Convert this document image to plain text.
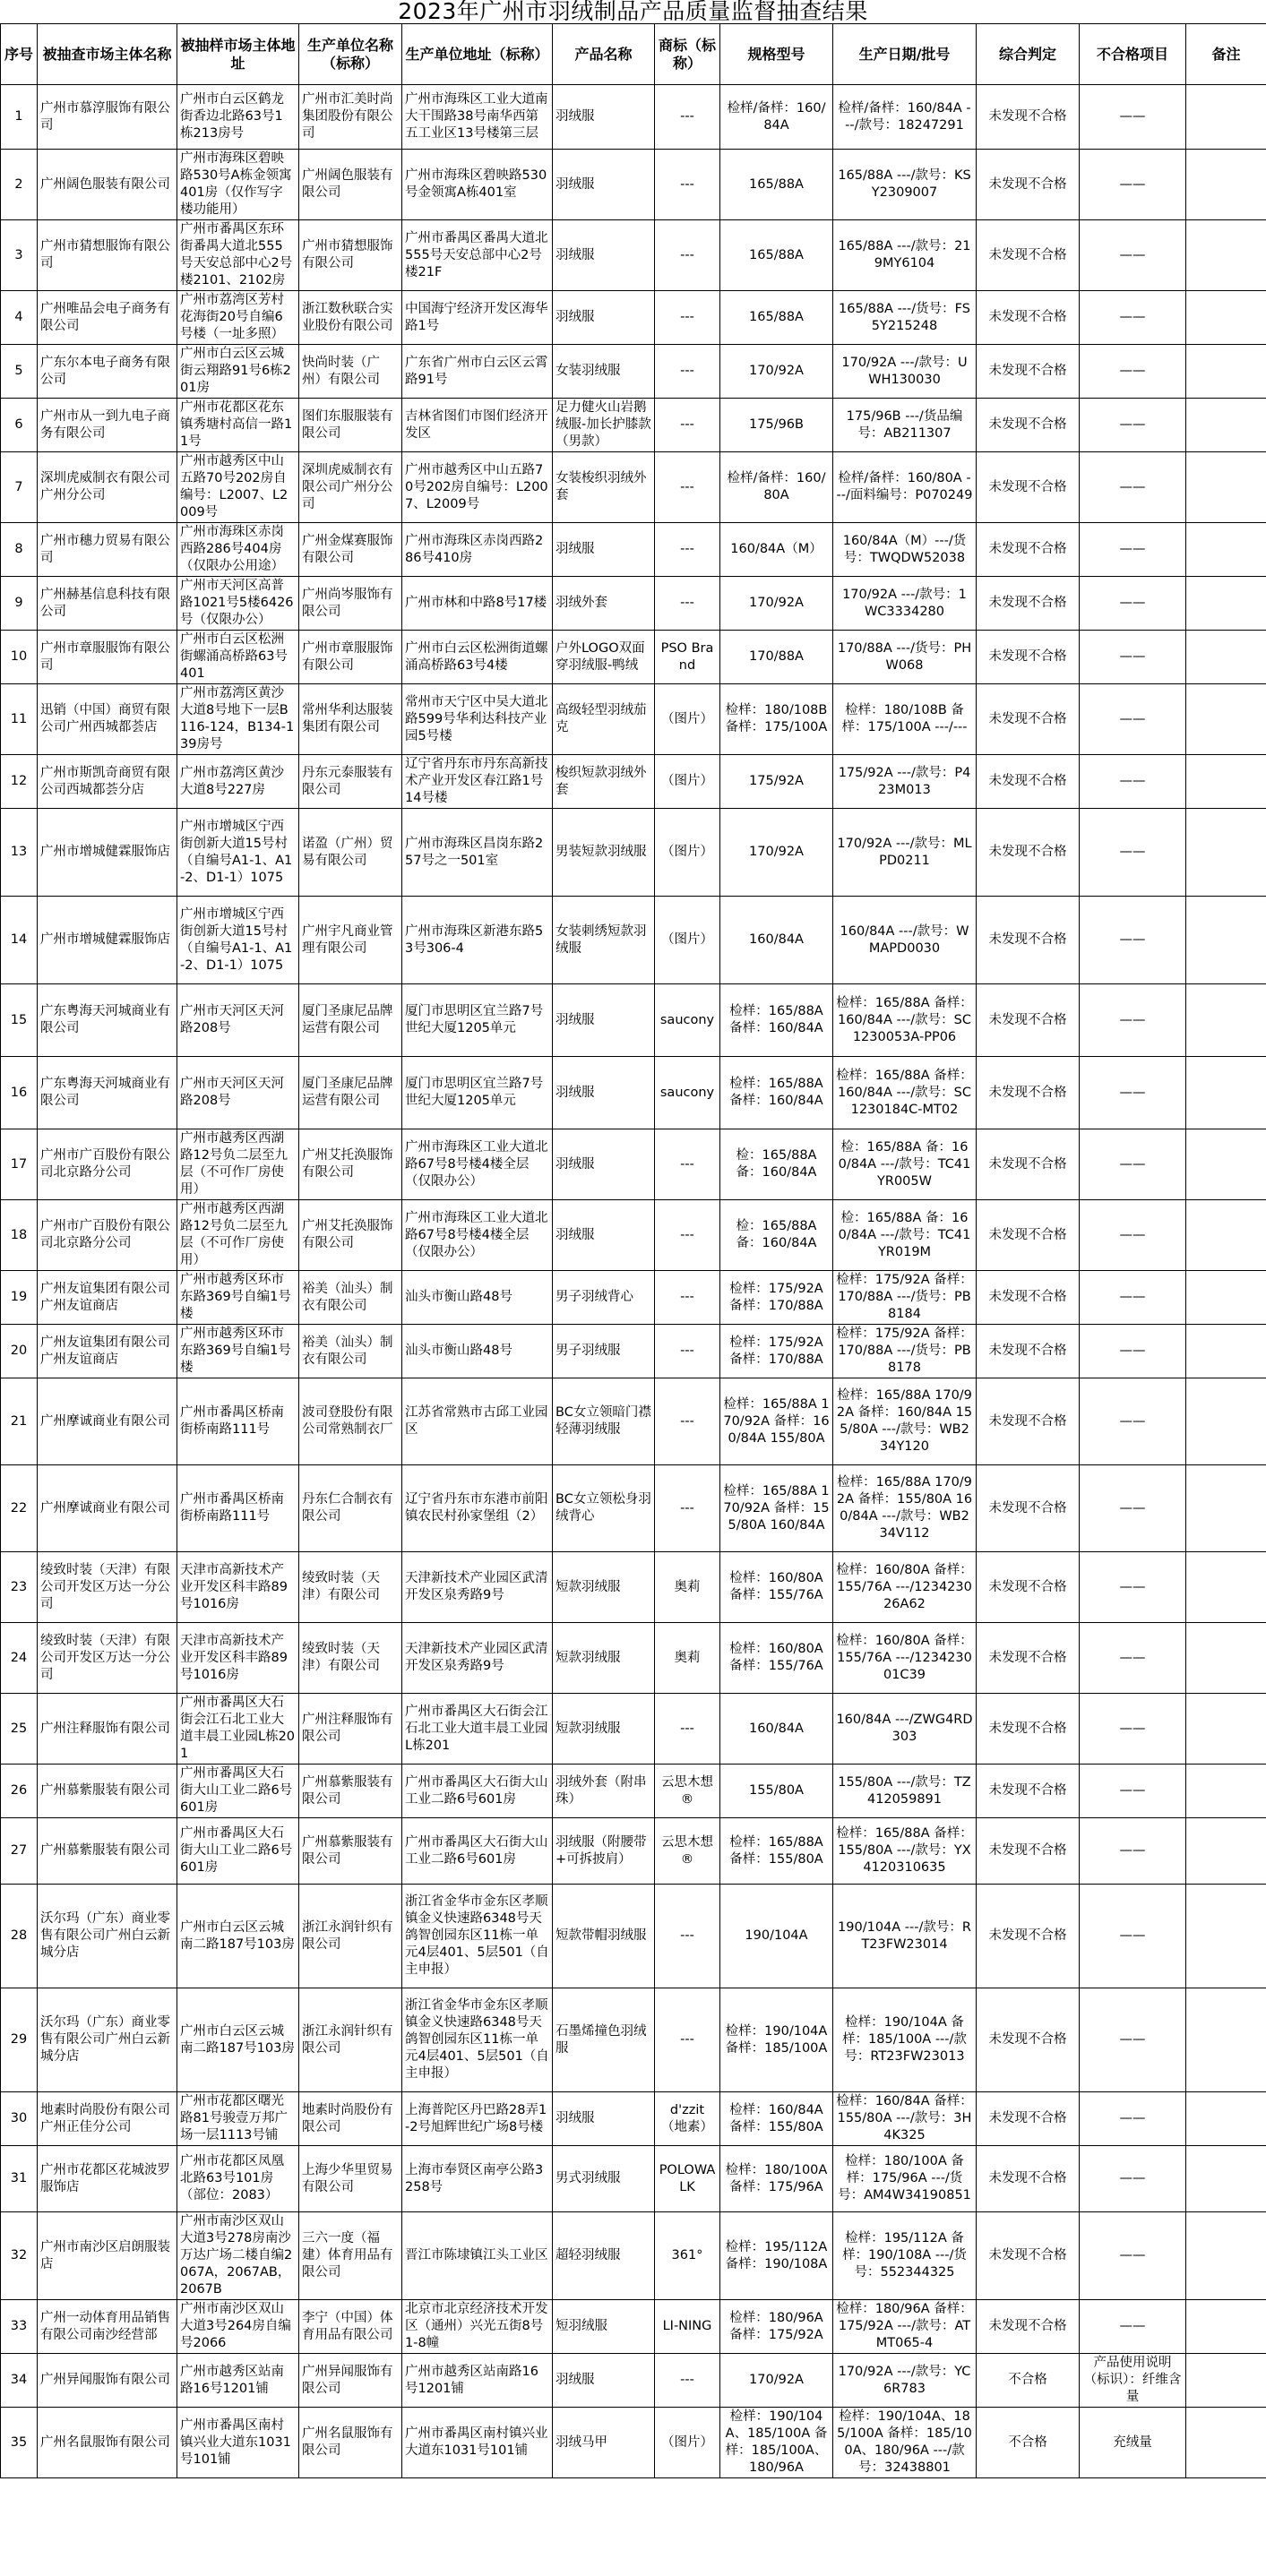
2023年广州市羽绒制品产品质量监督抽查结果
序号	被抽查市场主体名称	被抽样市场主体地址	生产单位名称（标称）	生产单位地址（标称）	产品名称	商标（标称）	规格型号	生产日期/批号	综合判定	不合格项目	备注
1	广州市慕淳服饰有限公司	广州市白云区鹤龙街香边北路63号1栋213房号	广州市汇美时尚集团股份有限公司	广州市海珠区工业大道南大干围路38号南华西第五工业区13号楼第三层	羽绒服	---	检样/备样：160/84A	检样/备样：160/84A ---/款号：18247291	未发现不合格	——	
2	广州阔色服装有限公司	广州市海珠区碧映路530号A栋金领寓401房（仅作写字楼功能用）	广州阔色服装有限公司	广州市海珠区碧映路530号金领寓A栋401室	羽绒服	---	165/88A	165/88A ---/款号：KSY2309007	未发现不合格	——	
3	广州市猜想服饰有限公司	广州市番禺区东环街番禺大道北555号天安总部中心2号楼2101、2102房	广州市猜想服饰有限公司	广州市番禺区番禺大道北555号天安总部中心2号楼21F	羽绒服	---	165/88A	165/88A ---/款号：219MY6104	未发现不合格	——	
4	广州唯品会电子商务有限公司	广州市荔湾区芳村花海街20号自编6号楼（一址多照）	浙江数秋联合实业股份有限公司	中国海宁经济开发区海华路1号	羽绒服	---	165/88A	165/88A ---/货号：FS5Y215248	未发现不合格	——	
5	广东尔本电子商务有限公司	广州市白云区云城街云翔路91号6栋201房	快尚时装（广州）有限公司	广东省广州市白云区云霄路91号	女装羽绒服	---	170/92A	170/92A ---/款号：UWH130030	未发现不合格	——	
6	广州市从一到九电子商务有限公司	广州市花都区花东镇秀塘村高信一路11号	图们东服服装有限公司	吉林省图们市图们经济开发区	足力健火山岩鹅绒服-加长护膝款（男款）	---	175/96B	175/96B ---/货品编号：AB211307	未发现不合格	——	
7	深圳虎威制衣有限公司广州分公司	广州市越秀区中山五路70号202房自编号：L2007、L2009号	深圳虎威制衣有限公司广州分公司	广州市越秀区中山五路70号202房自编号：L2007、L2009号	女装梭织羽绒外套	---	检样/备样：160/80A	检样/备样：160/80A ---/面料编号：P070249	未发现不合格	——	
8	广州市穗力贸易有限公司	广州市海珠区赤岗西路286号404房（仅限办公用途）	广州金煤赛服饰有限公司	广州市海珠区赤岗西路286号410房	羽绒服	---	160/84A（M）	160/84A（M）---/货号：TWQDW52038	未发现不合格	——	
9	广州赫基信息科技有限公司	广州市天河区高普路1021号5楼6426号（仅限办公）	广州尚岑服饰有限公司	广州市林和中路8号17楼	羽绒外套	---	170/92A	170/92A ---/款号：1WC3334280	未发现不合格	——	
10	广州市章服服饰有限公司	广州市白云区松洲街螺涌高桥路63号401	广州市章服服饰有限公司	广州市白云区松洲街道螺涌高桥路63号4楼	户外LOGO双面穿羽绒服-鸭绒	PSO Brand	170/88A	170/88A ---/货号：PHW068	未发现不合格	——	
11	迅销（中国）商贸有限公司广州西城都荟店	广州市荔湾区黄沙大道8号地下一层B116-124，B134-139房号	常州华利达服装集团有限公司	常州市天宁区中吴大道北路599号华利达科技产业园5号楼	高级轻型羽绒茄克	（图片）	检样：180/108B 备样：175/100A	检样：180/108B 备样：175/100A ---/---	未发现不合格	——	
12	广州市斯凯奇商贸有限公司西城都荟分店	广州市荔湾区黄沙大道8号227房	丹东元泰服装有限公司	辽宁省丹东市丹东高新技术产业开发区春江路1号14号楼	梭织短款羽绒外套	（图片）	175/92A	175/92A ---/款号：P423M013	未发现不合格	——	
13	广州市增城健霖服饰店	广州市增城区宁西街创新大道15号村（自编号A1-1、A1-2、D1-1）1075	诺盈（广州）贸易有限公司	广州市海珠区昌岗东路257号之一501室	男装短款羽绒服	（图片）	170/92A	170/92A ---/款号：MLPD0211	未发现不合格	——	
14	广州市增城健霖服饰店	广州市增城区宁西街创新大道15号村（自编号A1-1、A1-2、D1-1）1075	广州宇凡商业管理有限公司	广州市海珠区新港东路53号306-4	女装刺绣短款羽绒服	（图片）	160/84A	160/84A ---/款号：WMAPD0030	未发现不合格	——	
15	广东粤海天河城商业有限公司	广州市天河区天河路208号	厦门圣康尼品牌运营有限公司	厦门市思明区宜兰路7号世纪大厦1205单元	羽绒服	saucony	检样：165/88A 备样：160/84A	检样：165/88A 备样：160/84A ---/款号：SC1230053A-PP06	未发现不合格	——	
16	广东粤海天河城商业有限公司	广州市天河区天河路208号	厦门圣康尼品牌运营有限公司	厦门市思明区宜兰路7号世纪大厦1205单元	羽绒服	saucony	检样：165/88A 备样：160/84A	检样：165/88A 备样：160/84A ---/款号：SC1230184C-MT02	未发现不合格	——	
17	广州市广百股份有限公司北京路分公司	广州市越秀区西湖路12号负二层至九层（不可作厂房使用）	广州艾托涣服饰有限公司	广州市海珠区工业大道北路67号8号楼4楼全层（仅限办公）	羽绒服	---	检：165/88A 备：160/84A	检：165/88A 备：160/84A ---/款号：TC41YR005W	未发现不合格	——	
18	广州市广百股份有限公司北京路分公司	广州市越秀区西湖路12号负二层至九层（不可作厂房使用）	广州艾托涣服饰有限公司	广州市海珠区工业大道北路67号8号楼4楼全层（仅限办公）	羽绒服	---	检：165/88A 备：160/84A	检：165/88A 备：160/84A ---/款号：TC41YR019M	未发现不合格	——	
19	广州友谊集团有限公司广州友谊商店	广州市越秀区环市东路369号自编1号楼	裕美（汕头）制衣有限公司	汕头市衡山路48号	男子羽绒背心	---	检样：175/92A 备样：170/88A	检样：175/92A 备样：170/88A ---/货号：PB8184	未发现不合格	——	
20	广州友谊集团有限公司广州友谊商店	广州市越秀区环市东路369号自编1号楼	裕美（汕头）制衣有限公司	汕头市衡山路48号	男子羽绒服	---	检样：175/92A 备样：170/88A	检样：175/92A 备样：170/88A ---/货号：PB8178	未发现不合格	——	
21	广州摩诚商业有限公司	广州市番禺区桥南街桥南路111号	波司登股份有限公司常熟制衣厂	江苏省常熟市古邱工业园区	BC女立领暗门襟轻薄羽绒服	---	检样：165/88A 170/92A 备样：160/84A 155/80A	检样：165/88A 170/92A 备样：160/84A 155/80A ---/款号：WB234Y120	未发现不合格	——	
22	广州摩诚商业有限公司	广州市番禺区桥南街桥南路111号	丹东仁合制衣有限公司	辽宁省丹东市东港市前阳镇农民村孙家堡组（2）	BC女立领松身羽绒背心	---	检样：165/88A 170/92A 备样：155/80A 160/84A	检样：165/88A 170/92A 备样：155/80A 160/84A ---/款号：WB234V112	未发现不合格	——	
23	绫致时装（天津）有限公司开发区万达一分公司	天津市高新技术产业开发区科丰路89号1016房	绫致时装（天津）有限公司	天津新技术产业园区武清开发区泉秀路9号	短款羽绒服	奥莉	检样：160/80A 备样：155/76A	检样：160/80A 备样：155/76A ---/123423026A62	未发现不合格	——	
24	绫致时装（天津）有限公司开发区万达一分公司	天津市高新技术产业开发区科丰路89号1016房	绫致时装（天津）有限公司	天津新技术产业园区武清开发区泉秀路9号	短款羽绒服	奥莉	检样：160/80A 备样：155/76A	检样：160/80A 备样：155/76A ---/123423001C39	未发现不合格	——	
25	广州注释服饰有限公司	广州市番禺区大石街会江石北工业大道丰晨工业园L栋201	广州注释服饰有限公司	广州市番禺区大石街会江石北工业大道丰晨工业园L栋201	短款羽绒服	---	160/84A	160/84A ---/ZWG4RD303	未发现不合格	——	
26	广州慕紫服装有限公司	广州市番禺区大石街大山工业二路6号601房	广州慕紫服装有限公司	广州市番禺区大石街大山工业二路6号601房	羽绒外套（附串珠）	云思木想®	155/80A	155/80A ---/款号：TZ412059891	未发现不合格	——	
27	广州慕紫服装有限公司	广州市番禺区大石街大山工业二路6号601房	广州慕紫服装有限公司	广州市番禺区大石街大山工业二路6号601房	羽绒服（附腰带+可拆披肩）	云思木想®	检样：165/88A 备样：155/80A	检样：165/88A 备样：155/80A ---/款号：YX4120310635	未发现不合格	——	
28	沃尔玛（广东）商业零售有限公司广州白云新城分店	广州市白云区云城南二路187号103房	浙江永润针织有限公司	浙江省金华市金东区孝顺镇金义快速路6348号天鸽智创园东区11栋一单元4层401、5层501（自主申报）	短款带帽羽绒服	---	190/104A	190/104A ---/款号：RT23FW23014	未发现不合格	——	
29	沃尔玛（广东）商业零售有限公司广州白云新城分店	广州市白云区云城南二路187号103房	浙江永润针织有限公司	浙江省金华市金东区孝顺镇金义快速路6348号天鸽智创园东区11栋一单元4层401、5层501（自主申报）	石墨烯撞色羽绒服	---	检样：190/104A 备样：185/100A	检样：190/104A 备样：185/100A ---/款号：RT23FW23013	未发现不合格	——	
30	地素时尚股份有限公司广州正佳分公司	广州市花都区曙光路81号骏壹万邦广场一层1113号铺	地素时尚股份有限公司	上海普陀区丹巴路28弄1-2号旭辉世纪广场8号楼	羽绒服	d'zzit（地素）	检样：160/84A 备样：155/80A	检样：160/84A 备样：155/80A ---/款号：3H4K325	未发现不合格	——	
31	广州市花都区花城波罗服饰店	广州市花都区凤凰北路63号101房（部位：2083）	上海少华里贸易有限公司	上海市奉贤区南亭公路3258号	男式羽绒服	POLOWALK	检样：180/100A 备样：175/96A	检样：180/100A 备样：175/96A ---/货号：AM4W34190851	未发现不合格	——	
32	广州市南沙区启朗服装店	广州市南沙区双山大道3号278房南沙万达广场二楼自编2067A，2067AB，2067B	三六一度（福建）体育用品有限公司	晋江市陈埭镇江头工业区	超轻羽绒服	361°	检样：195/112A 备样：190/108A	检样：195/112A 备样：190/108A ---/货号：552344325	未发现不合格	——	
33	广州一动体育用品销售有限公司南沙经营部	广州市南沙区双山大道3号264房自编号2066	李宁（中国）体育用品有限公司	北京市北京经济技术开发区（通州）兴光五街8号1-8幢	短羽绒服	LI-NING	检样：180/96A 备样：175/92A	检样：180/96A 备样：175/92A ---/款号：ATMT065-4	未发现不合格	——	
34	广州异闻服饰有限公司	广州市越秀区站南路16号1201铺	广州异闻服饰有限公司	广州市越秀区站南路16号1201铺	羽绒服	---	170/92A	170/92A ---/款号：YC6R783	不合格	产品使用说明（标识）：纤维含量	
35	广州名鼠服饰有限公司	广州市番禺区南村镇兴业大道东1031号101铺	广州名鼠服饰有限公司	广州市番禺区南村镇兴业大道东1031号101铺	羽绒马甲	（图片）	检样：190/104A、185/100A 备样：185/100A、180/96A	检样：190/104A、185/100A 备样：185/100A、180/96A ---/款号：32438801	不合格	充绒量	
